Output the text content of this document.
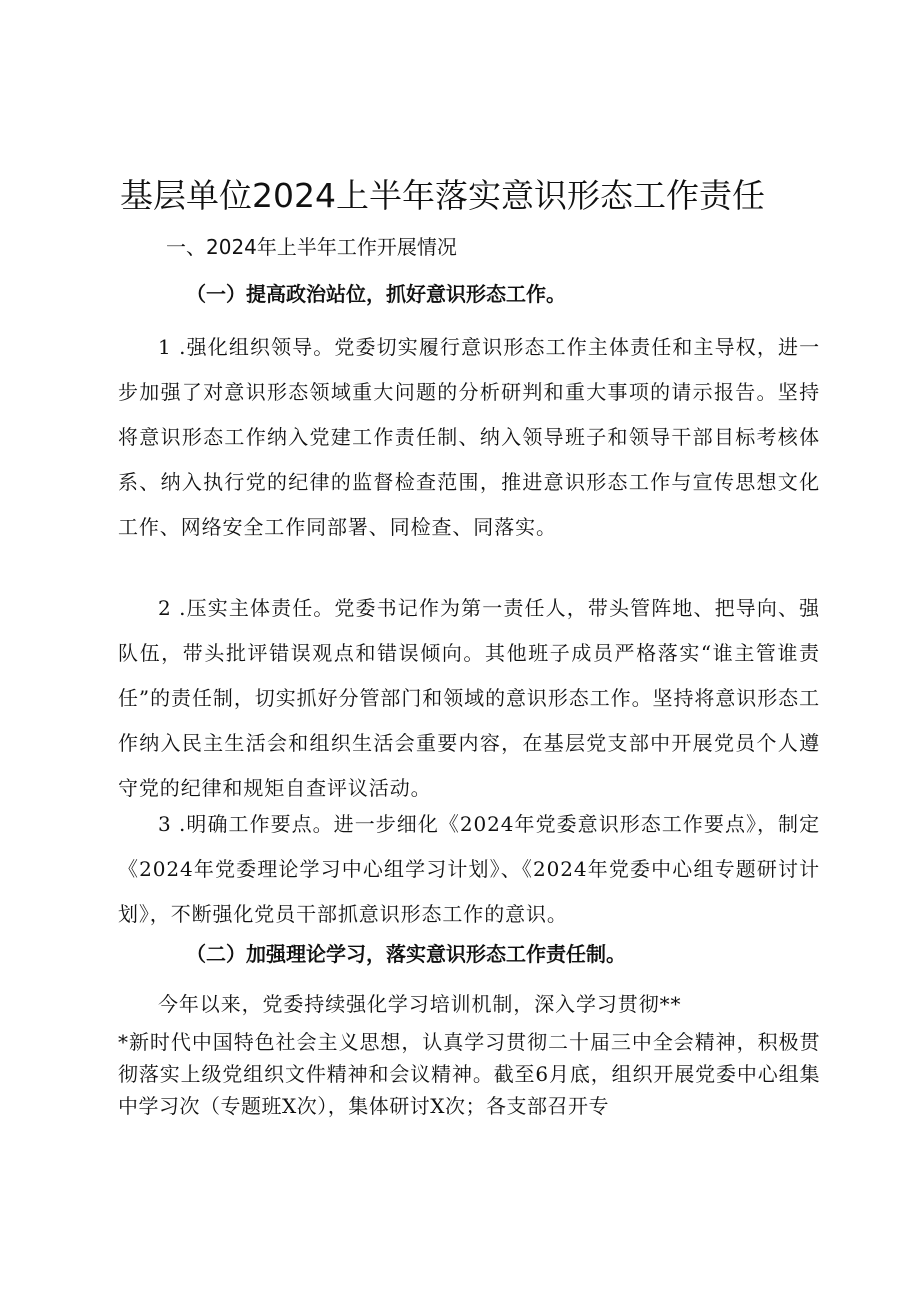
基层单位2024上半年落实意识形态工作责任
一、2024年上半年工作开展情况
（一）提高政治站位，抓好意识形态工作。
1 .强化组织领导。党委切实履行意识形态工作主体责任和主导权，进一步加强了对意识形态领域重大问题的分析研判和重大事项的请示报告。坚持将意识形态工作纳入党建工作责任制、纳入领导班子和领导干部目标考核体系、纳入执行党的纪律的监督检查范围，推进意识形态工作与宣传思想文化工作、网络安全工作同部署、同检查、同落实。
2 .压实主体责任。党委书记作为第一责任人，带头管阵地、把导向、强队伍，带头批评错误观点和错误倾向。其他班子成员严格落实“谁主管谁责任”的责任制，切实抓好分管部门和领域的意识形态工作。坚持将意识形态工作纳入民主生活会和组织生活会重要内容，在基层党支部中开展党员个人遵守党的纪律和规矩自查评议活动。
3 .明确工作要点。进一步细化《2024年党委意识形态工作要点》，制定《2024年党委理论学习中心组学习计划》、《2024年党委中心组专题研讨计划》，不断强化党员干部抓意识形态工作的意识。
（二）加强理论学习，落实意识形态工作责任制。
今年以来，党委持续强化学习培训机制，深入学习贯彻**
*新时代中国特色社会主义思想，认真学习贯彻二十届三中全会精神，积极贯彻落实上级党组织文件精神和会议精神。截至6月底，组织开展党委中心组集中学习次（专题班X次），集体研讨X次；各支部召开专
